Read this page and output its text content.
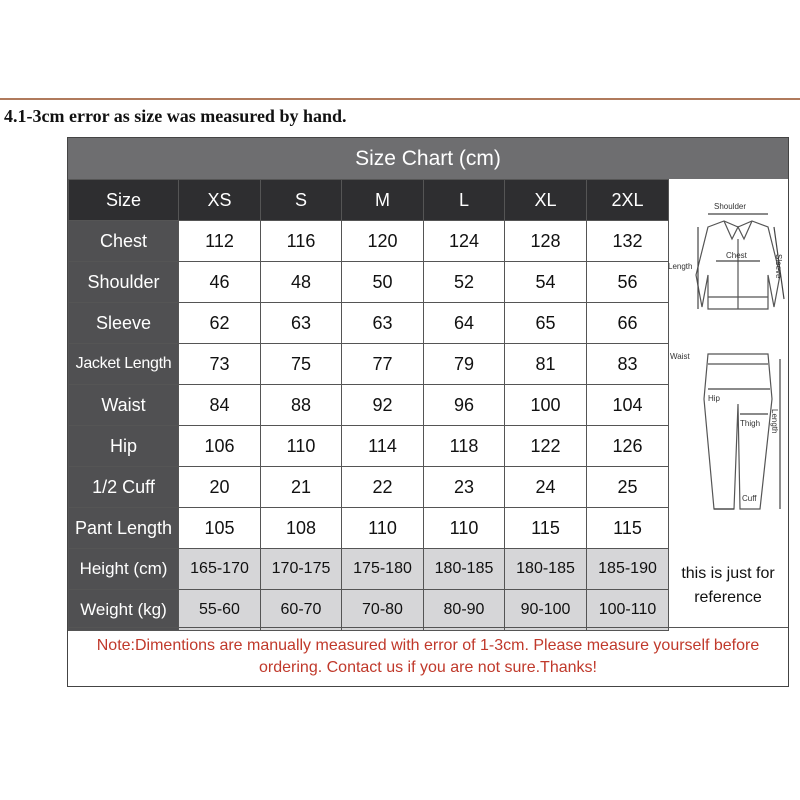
4.1-3cm error as size was measured by hand.
Size Chart (cm)
Size	XS	S	M	L	XL	2XL
Chest	112	116	120	124	128	132
Shoulder	46	48	50	52	54	56
Sleeve	62	63	63	64	65	66
Jacket Length	73	75	77	79	81	83
Waist	84	88	92	96	100	104
Hip	106	110	114	118	122	126
1/2 Cuff	20	21	22	23	24	25
Pant Length	105	108	110	110	115	115
Height (cm)	165-170	170-175	175-180	180-185	180-185	185-190
Weight (kg)	55-60	60-70	70-80	80-90	90-100	100-110
Shoulder
Length
Chest	Sleeve
Waist
Hip
Thigh Length
Cuff
this is just for reference
Note:Dimentions are manually measured with error of 1-3cm. Please measure yourself before ordering. Contact us if you are not sure.Thanks!
